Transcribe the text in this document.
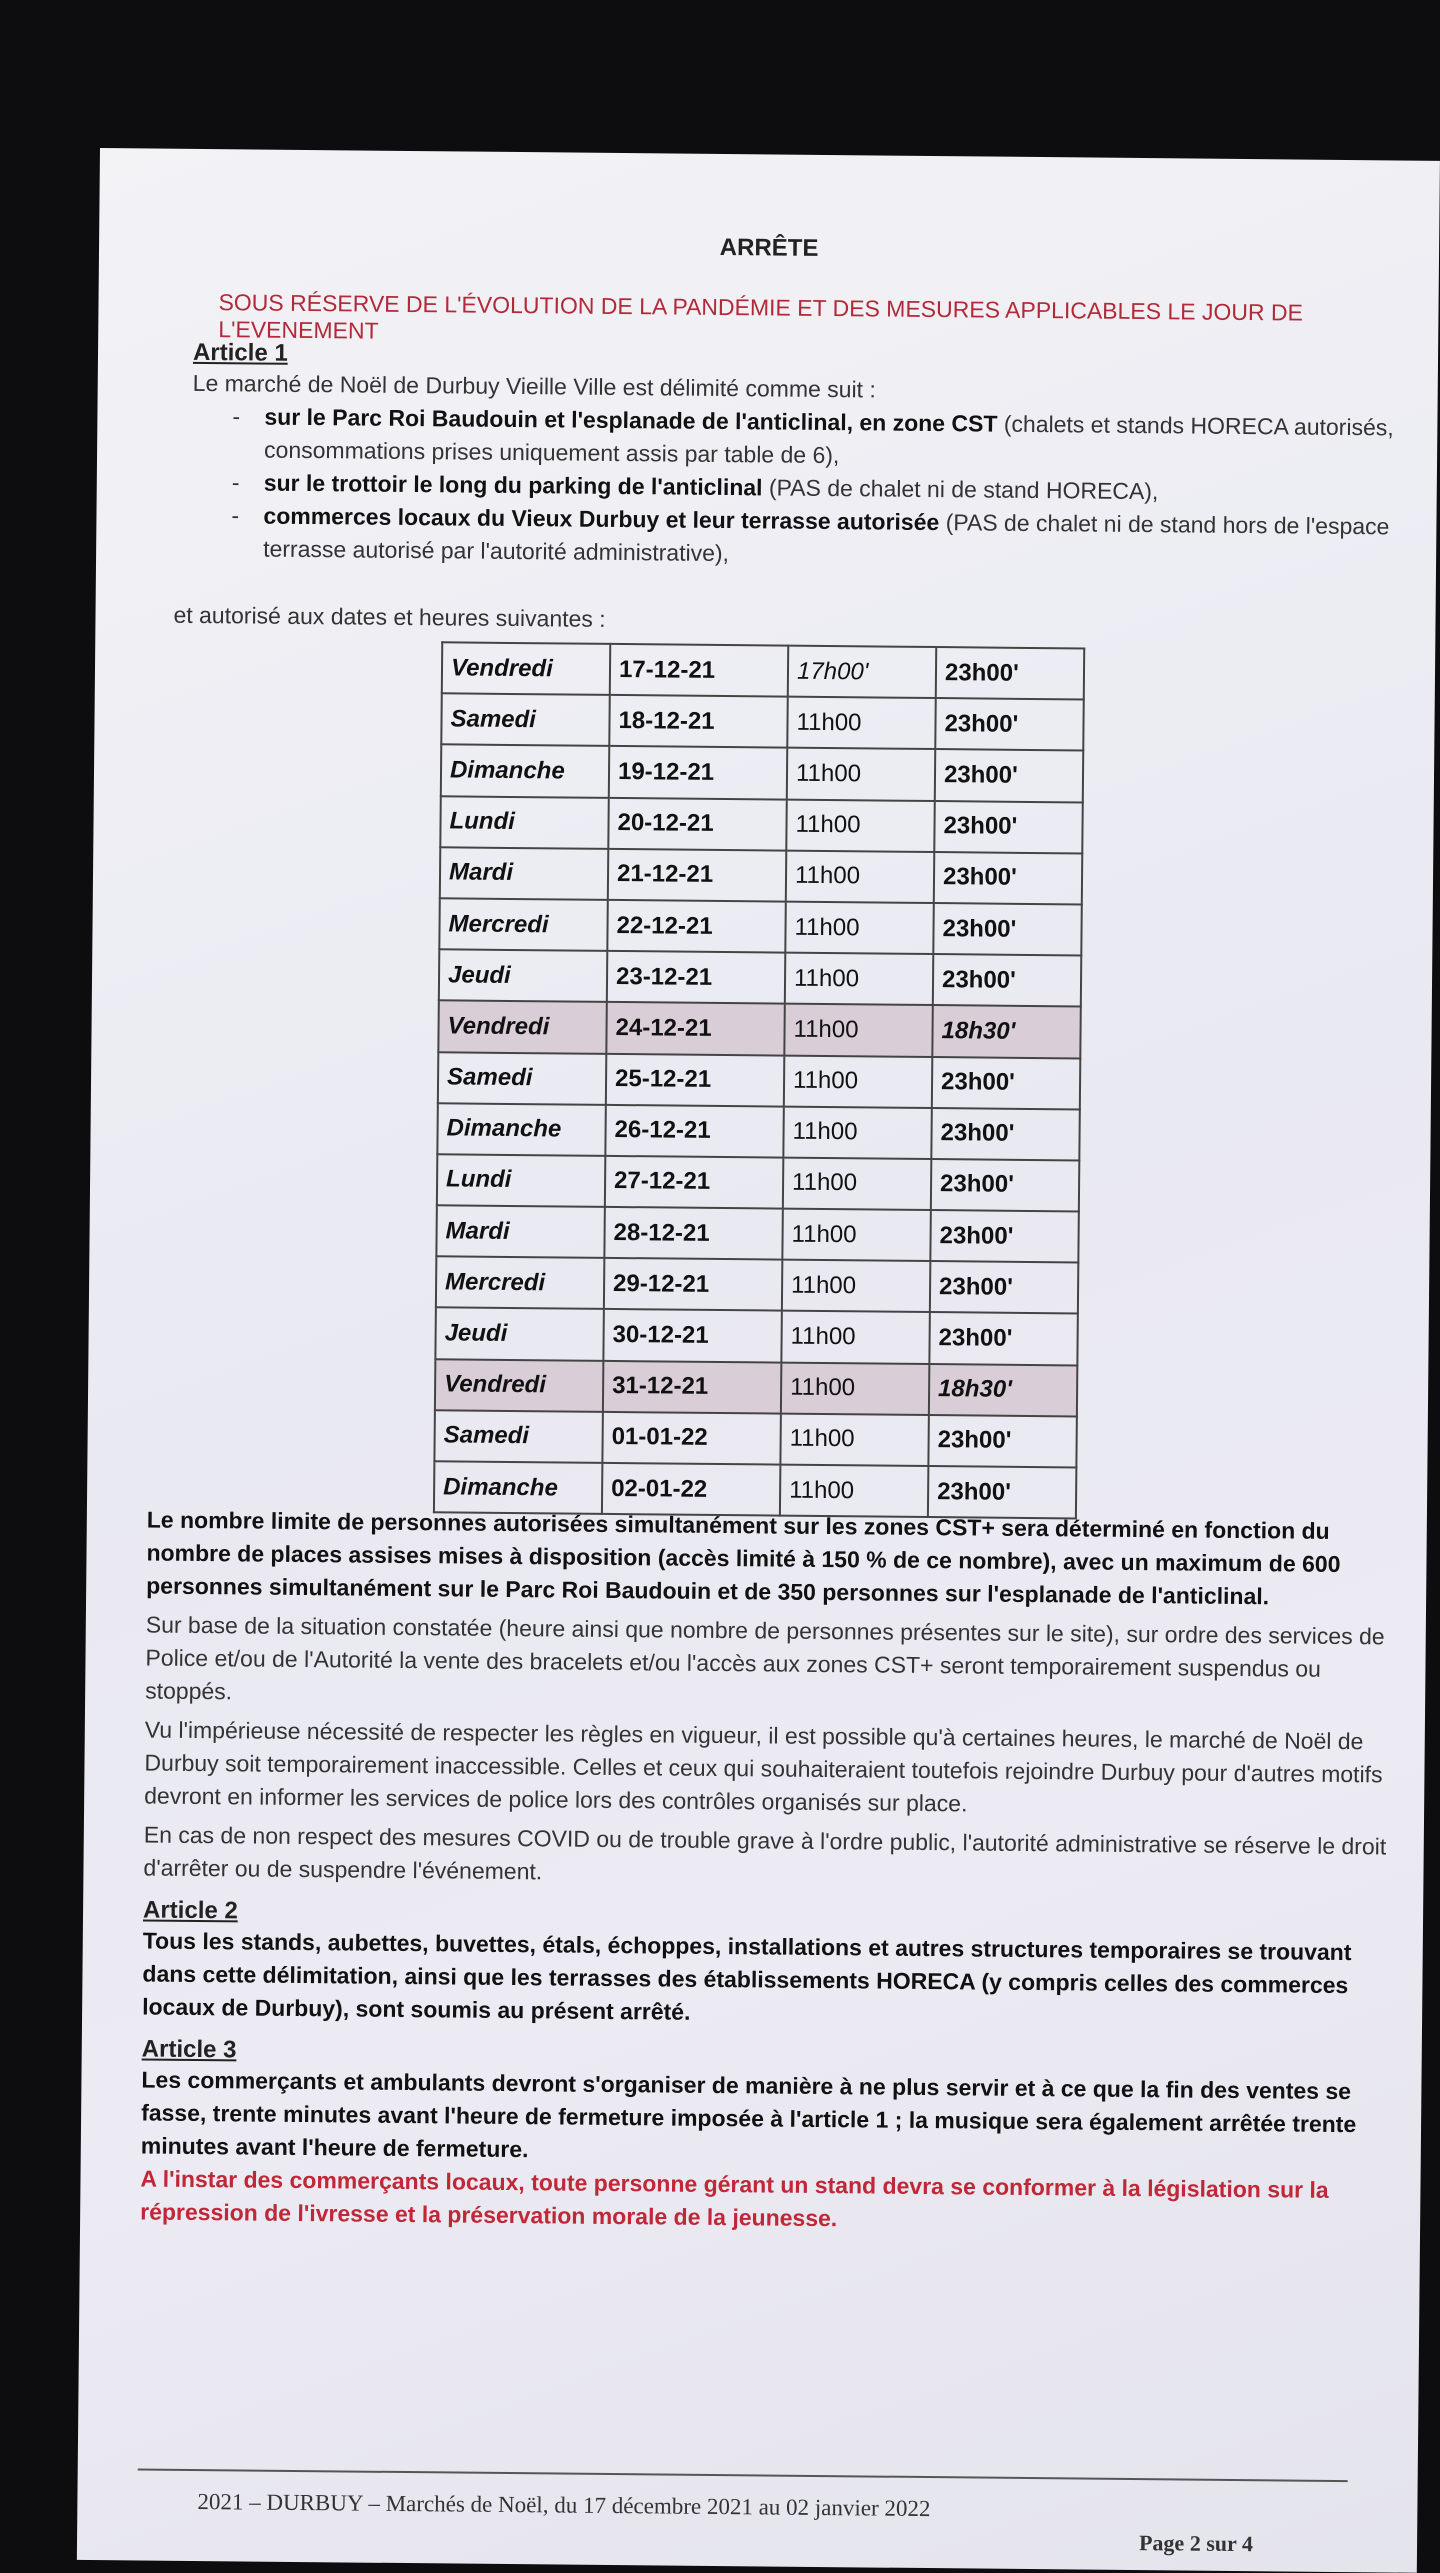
ARRÊTE
SOUS RÉSERVE DE L'ÉVOLUTION DE LA PANDÉMIE ET DES MESURES APPLICABLES LE JOUR DE L'EVENEMENT
Article 1
Le marché de Noël de Durbuy Vieille Ville est délimité comme suit :
- sur le Parc Roi Baudouin et l'esplanade de l'anticlinal, en zone CST (chalets et stands HORECA autorisés, consommations prises uniquement assis par table de 6),
- sur le trottoir le long du parking de l'anticlinal (PAS de chalet ni de stand HORECA),
- commerces locaux du Vieux Durbuy et leur terrasse autorisée (PAS de chalet ni de stand hors de l'espace terrasse autorisé par l'autorité administrative),
et autorisé aux dates et heures suivantes :
Vendredi	17-12-21	17h00'	23h00'
Samedi	18-12-21	11h00	23h00'
Dimanche	19-12-21	11h00	23h00'
Lundi	20-12-21	11h00	23h00'
Mardi	21-12-21	11h00	23h00'
Mercredi	22-12-21	11h00	23h00'
Jeudi	23-12-21	11h00	23h00'
Vendredi	24-12-21	11h00	18h30'
Samedi	25-12-21	11h00	23h00'
Dimanche	26-12-21	11h00	23h00'
Lundi	27-12-21	11h00	23h00'
Mardi	28-12-21	11h00	23h00'
Mercredi	29-12-21	11h00	23h00'
Jeudi	30-12-21	11h00	23h00'
Vendredi	31-12-21	11h00	18h30'
Samedi	01-01-22	11h00	23h00'
Dimanche	02-01-22	11h00	23h00'
Le nombre limite de personnes autorisées simultanément sur les zones CST+ sera déterminé en fonction du nombre de places assises mises à disposition (accès limité à 150 % de ce nombre), avec un maximum de 600 personnes simultanément sur le Parc Roi Baudouin et de 350 personnes sur l'esplanade de l'anticlinal.
Sur base de la situation constatée (heure ainsi que nombre de personnes présentes sur le site), sur ordre des services de Police et/ou de l'Autorité la vente des bracelets et/ou l'accès aux zones CST+ seront temporairement suspendus ou stoppés.
Vu l'impérieuse nécessité de respecter les règles en vigueur, il est possible qu'à certaines heures, le marché de Noël de Durbuy soit temporairement inaccessible. Celles et ceux qui souhaiteraient toutefois rejoindre Durbuy pour d'autres motifs devront en informer les services de police lors des contrôles organisés sur place.
En cas de non respect des mesures COVID ou de trouble grave à l'ordre public, l'autorité administrative se réserve le droit d'arrêter ou de suspendre l'événement.
Article 2
Tous les stands, aubettes, buvettes, étals, échoppes, installations et autres structures temporaires se trouvant dans cette délimitation, ainsi que les terrasses des établissements HORECA (y compris celles des commerces locaux de Durbuy), sont soumis au présent arrêté.
Article 3
Les commerçants et ambulants devront s'organiser de manière à ne plus servir et à ce que la fin des ventes se fasse, trente minutes avant l'heure de fermeture imposée à l'article 1 ; la musique sera également arrêtée trente minutes avant l'heure de fermeture.
A l'instar des commerçants locaux, toute personne gérant un stand devra se conformer à la législation sur la répression de l'ivresse et la préservation morale de la jeunesse.
2021 – DURBUY – Marchés de Noël, du 17 décembre 2021 au 02 janvier 2022
Page 2 sur 4
